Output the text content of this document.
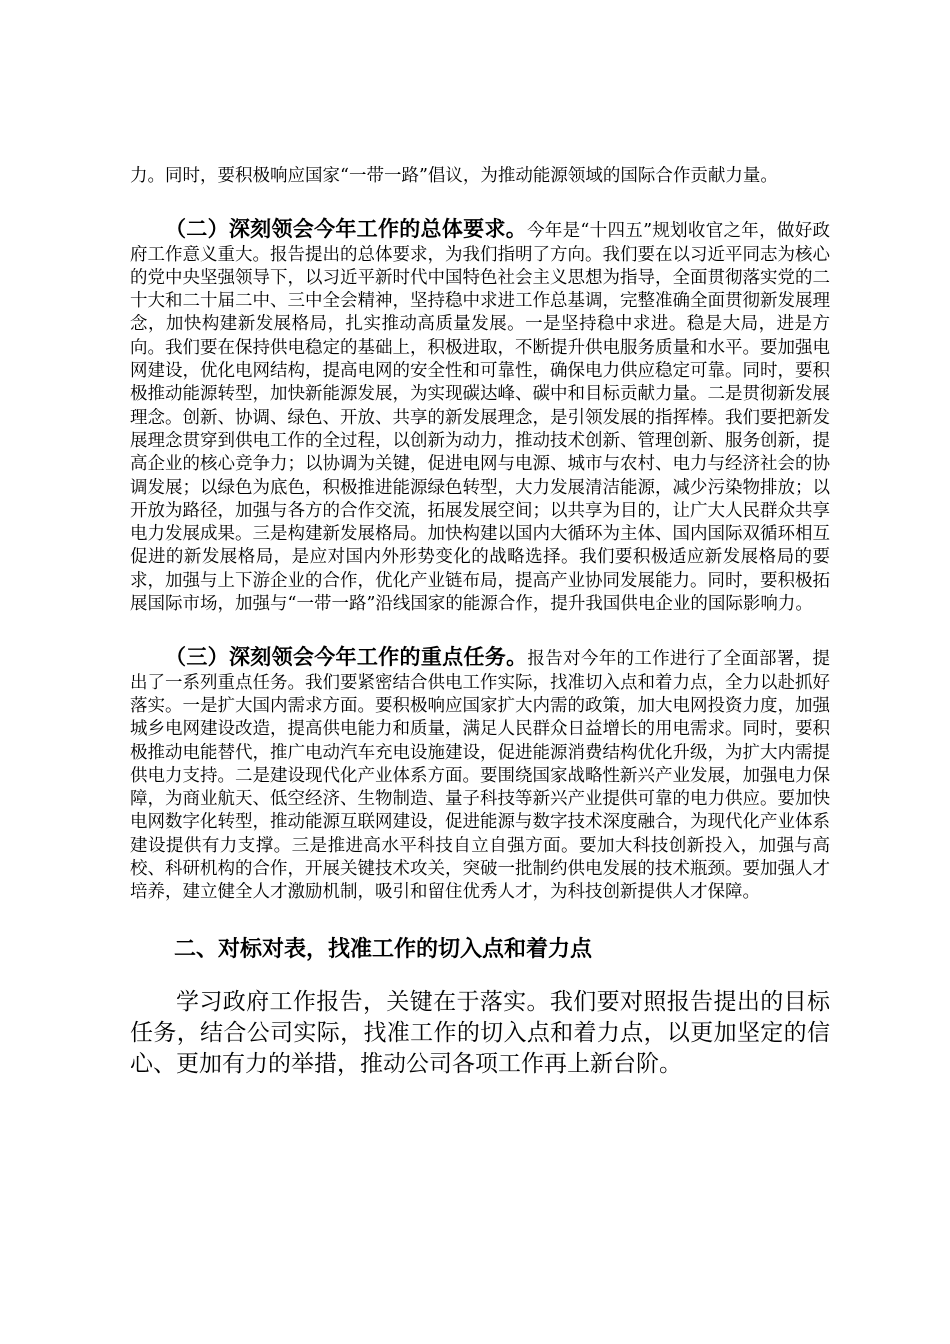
力。同时，要积极响应国家“一带一路”倡议，为推动能源领域的国际合作贡献力量。

（二）深刻领会今年工作的总体要求。今年是“十四五”规划收官之年，做好政府工作意义重大。报告提出的总体要求，为我们指明了方向。我们要在以习近平同志为核心的党中央坚强领导下，以习近平新时代中国特色社会主义思想为指导，全面贯彻落实党的二十大和二十届二中、三中全会精神，坚持稳中求进工作总基调，完整准确全面贯彻新发展理念，加快构建新发展格局，扎实推动高质量发展。一是坚持稳中求进。稳是大局，进是方向。我们要在保持供电稳定的基础上，积极进取，不断提升供电服务质量和水平。要加强电网建设，优化电网结构，提高电网的安全性和可靠性，确保电力供应稳定可靠。同时，要积极推动能源转型，加快新能源发展，为实现碳达峰、碳中和目标贡献力量。二是贯彻新发展理念。创新、协调、绿色、开放、共享的新发展理念，是引领发展的指挥棒。我们要把新发展理念贯穿到供电工作的全过程，以创新为动力，推动技术创新、管理创新、服务创新，提高企业的核心竞争力；以协调为关键，促进电网与电源、城市与农村、电力与经济社会的协调发展；以绿色为底色，积极推进能源绿色转型，大力发展清洁能源，减少污染物排放；以开放为路径，加强与各方的合作交流，拓展发展空间；以共享为目的，让广大人民群众共享电力发展成果。三是构建新发展格局。加快构建以国内大循环为主体、国内国际双循环相互促进的新发展格局，是应对国内外形势变化的战略选择。我们要积极适应新发展格局的要求，加强与上下游企业的合作，优化产业链布局，提高产业协同发展能力。同时，要积极拓展国际市场，加强与“一带一路”沿线国家的能源合作，提升我国供电企业的国际影响力。

（三）深刻领会今年工作的重点任务。报告对今年的工作进行了全面部署，提出了一系列重点任务。我们要紧密结合供电工作实际，找准切入点和着力点，全力以赴抓好落实。一是扩大国内需求方面。要积极响应国家扩大内需的政策，加大电网投资力度，加强城乡电网建设改造，提高供电能力和质量，满足人民群众日益增长的用电需求。同时，要积极推动电能替代，推广电动汽车充电设施建设，促进能源消费结构优化升级，为扩大内需提供电力支持。二是建设现代化产业体系方面。要围绕国家战略性新兴产业发展，加强电力保障，为商业航天、低空经济、生物制造、量子科技等新兴产业提供可靠的电力供应。要加快电网数字化转型，推动能源互联网建设，促进能源与数字技术深度融合，为现代化产业体系建设提供有力支撑。三是推进高水平科技自立自强方面。要加大科技创新投入，加强与高校、科研机构的合作，开展关键技术攻关，突破一批制约供电发展的技术瓶颈。要加强人才培养，建立健全人才激励机制，吸引和留住优秀人才，为科技创新提供人才保障。

二、对标对表，找准工作的切入点和着力点

学习政府工作报告，关键在于落实。我们要对照报告提出的目标任务，结合公司实际，找准工作的切入点和着力点，以更加坚定的信心、更加有力的举措，推动公司各项工作再上新台阶。
